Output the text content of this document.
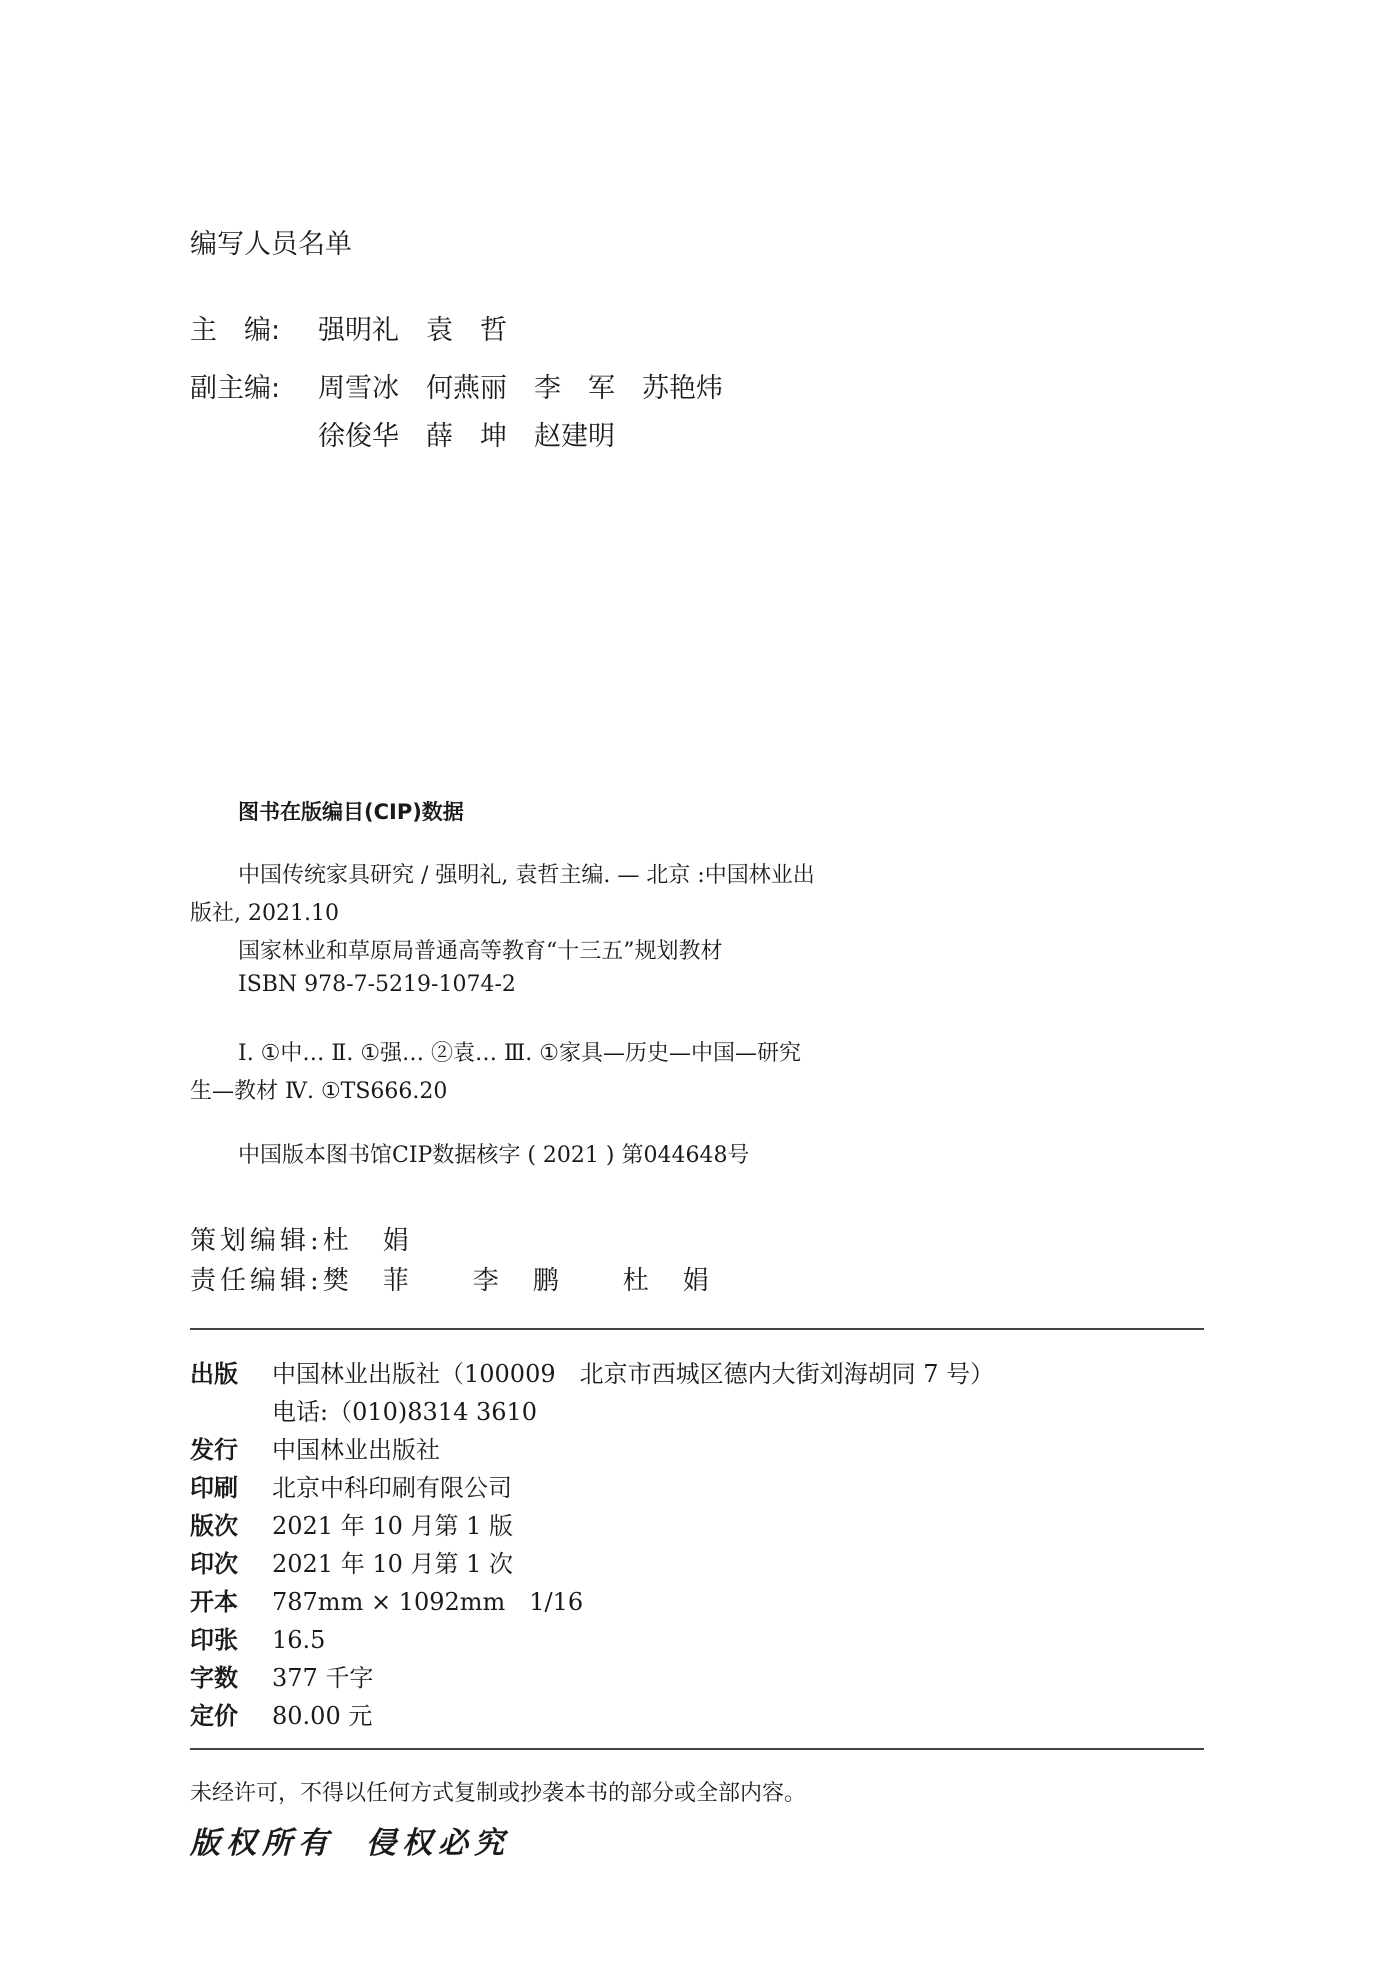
编写人员名单
主　编: 强明礼　袁　哲
副主编: 周雪冰　何燕丽　李　军　苏艳炜
徐俊华　薛　坤　赵建明
图书在版编目(CIP)数据
中国传统家具研究 / 强明礼, 袁哲主编. — 北京 :中国林业出
版社, 2021.10
国家林业和草原局普通高等教育“十三五”规划教材
ISBN 978-7-5219-1074-2
Ⅰ. ①中… Ⅱ. ①强… ②袁… Ⅲ. ①家具—历史—中国—研究
生—教材 Ⅳ. ①TS666.20
中国版本图书馆CIP数据核字 ( 2021 ) 第044648号
策划编辑:杜　娟
责任编辑:樊　菲　　李　鹏　　杜　娟
出版 中国林业出版社（100009　北京市西城区德内大街刘海胡同 7 号）
电话:（010)8314 3610
发行 中国林业出版社
印刷 北京中科印刷有限公司
版次 2021 年 10 月第 1 版
印次 2021 年 10 月第 1 次
开本 787mm × 1092mm　1/16
印张 16.5
字数 377 千字
定价 80.00 元
未经许可，不得以任何方式复制或抄袭本书的部分或全部内容。
版权所有 侵权必究
